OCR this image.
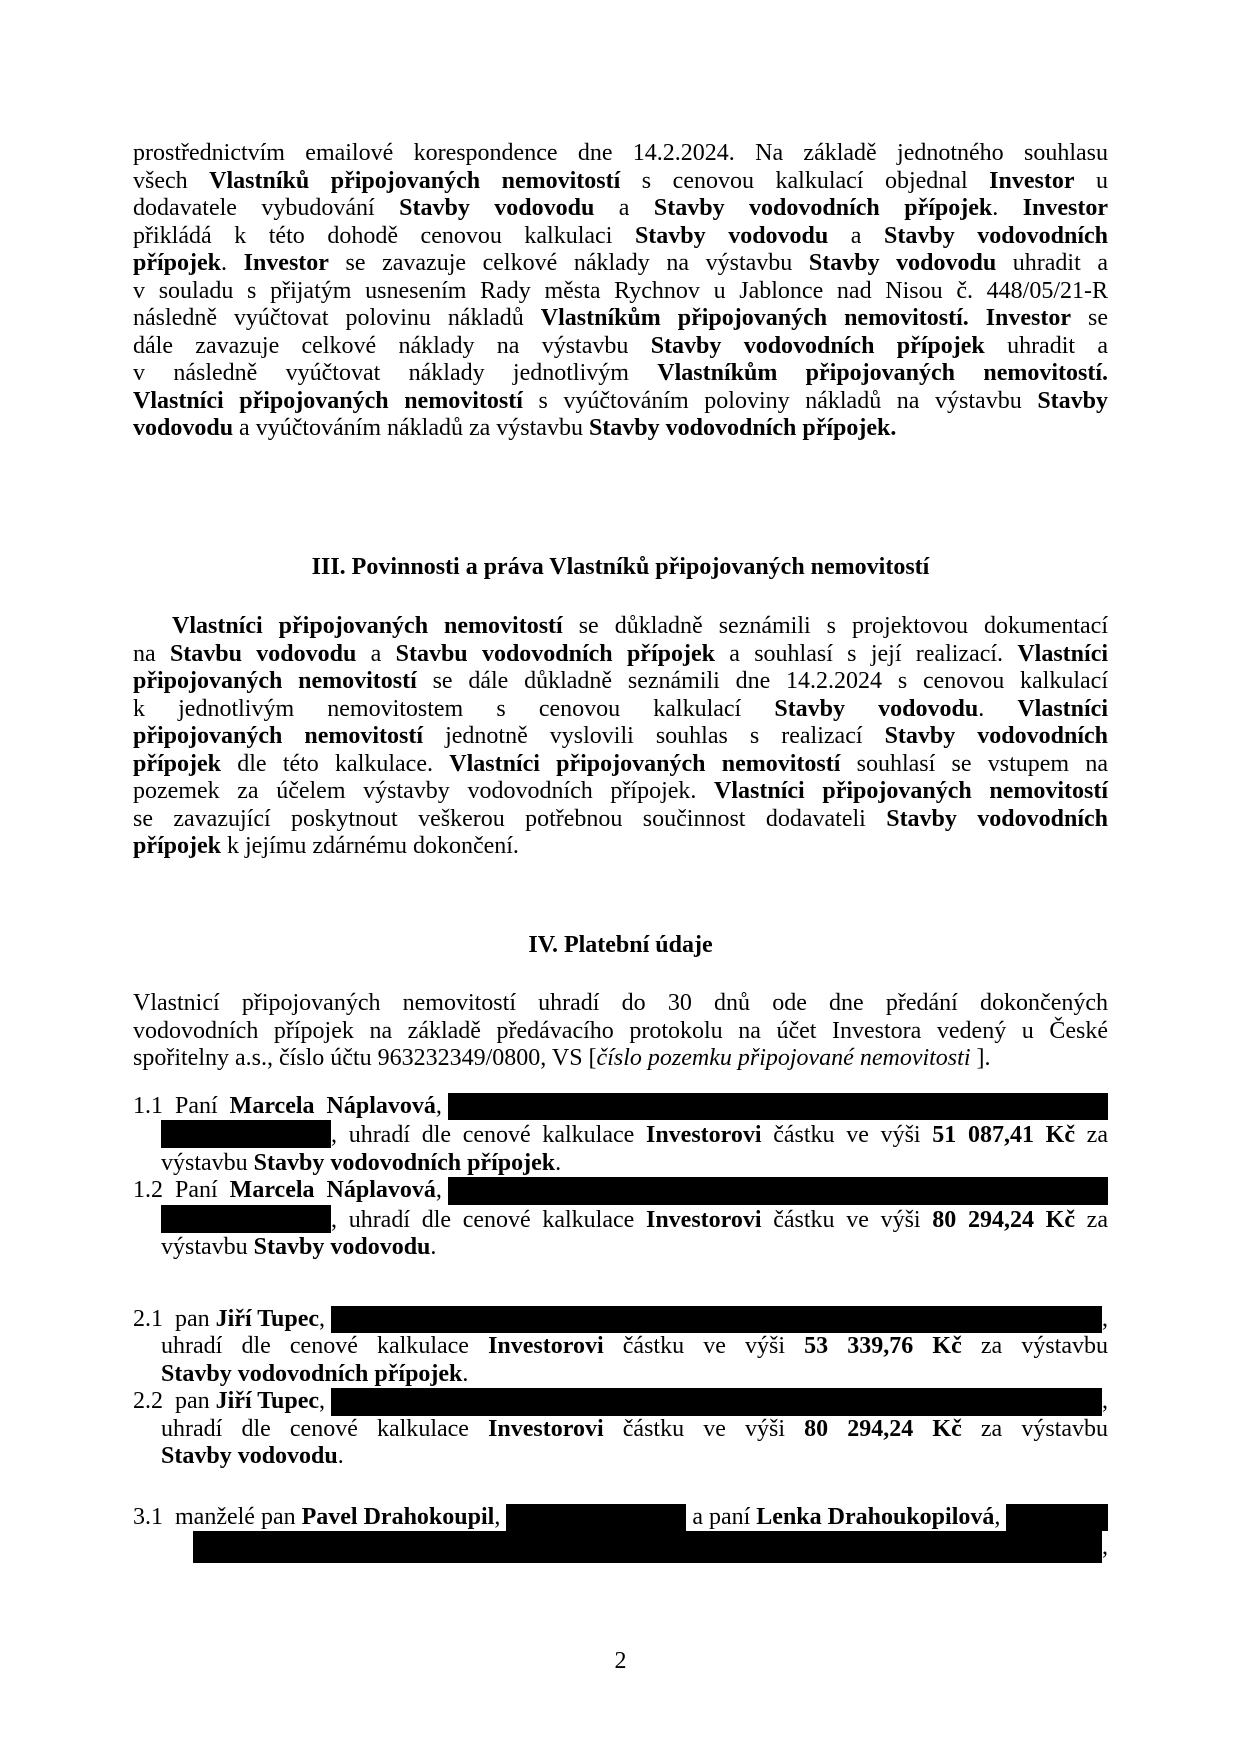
prostřednictvím emailové korespondence dne 14.2.2024. Na základě jednotného souhlasu
všech Vlastníků připojovaných nemovitostí s cenovou kalkulací objednal Investor u
dodavatele vybudování Stavby vodovodu a Stavby vodovodních přípojek. Investor
přikládá k této dohodě cenovou kalkulaci Stavby vodovodu a Stavby vodovodních
přípojek. Investor se zavazuje celkové náklady na výstavbu Stavby vodovodu uhradit a
v souladu s přijatým usnesením Rady města Rychnov u Jablonce nad Nisou č. 448/05/21-R
následně vyúčtovat polovinu nákladů Vlastníkům připojovaných nemovitostí. Investor se
dále zavazuje celkové náklady na výstavbu Stavby vodovodních přípojek uhradit a
v následně vyúčtovat náklady jednotlivým Vlastníkům připojovaných nemovitostí.
Vlastníci připojovaných nemovitostí s vyúčtováním poloviny nákladů na výstavbu Stavby
vodovodu a vyúčtováním nákladů za výstavbu Stavby vodovodních přípojek.
III. Povinnosti a práva Vlastníků připojovaných nemovitostí
Vlastníci připojovaných nemovitostí se důkladně seznámili s projektovou dokumentací
na Stavbu vodovodu a Stavbu vodovodních přípojek a souhlasí s její realizací. Vlastníci
připojovaných nemovitostí se dále důkladně seznámili dne 14.2.2024 s cenovou kalkulací
k jednotlivým nemovitostem s cenovou kalkulací Stavby vodovodu. Vlastníci
připojovaných nemovitostí jednotně vyslovili souhlas s realizací Stavby vodovodních
přípojek dle této kalkulace. Vlastníci připojovaných nemovitostí souhlasí se vstupem na
pozemek za účelem výstavby vodovodních přípojek. Vlastníci připojovaných nemovitostí
se zavazující poskytnout veškerou potřebnou součinnost dodavateli Stavby vodovodních
přípojek k jejímu zdárnému dokončení.
IV. Platební údaje
Vlastnicí připojovaných nemovitostí uhradí do 30 dnů ode dne předání dokončených
vodovodních přípojek na základě předávacího protokolu na účet Investora vedený u České
spořitelny a.s., číslo účtu 963232349/0800, VS [číslo pozemku připojované nemovitosti ].
1.1  Paní Marcela  Náplavová ,
, uhradí dle cenové kalkulace Investorovi částku ve výši 51 087,41 Kč za
výstavbu Stavby vodovodních přípojek.
1.2  Paní Marcela  Náplavová ,
, uhradí dle cenové kalkulace Investorovi částku ve výši 80 294,24 Kč za
výstavbu Stavby vodovodu.
2.1  pan Jiří Tupec ,	,
uhradí dle cenové kalkulace Investorovi částku ve výši 53 339,76 Kč za výstavbu
Stavby vodovodních přípojek.
2.2  pan Jiří Tupec ,	,
uhradí dle cenové kalkulace Investorovi částku ve výši 80 294,24 Kč za výstavbu
Stavby vodovodu.
3.1  manželé pan Pavel Drahokoupil ,	a paní Lenka Drahoukopilová ,
,
2
